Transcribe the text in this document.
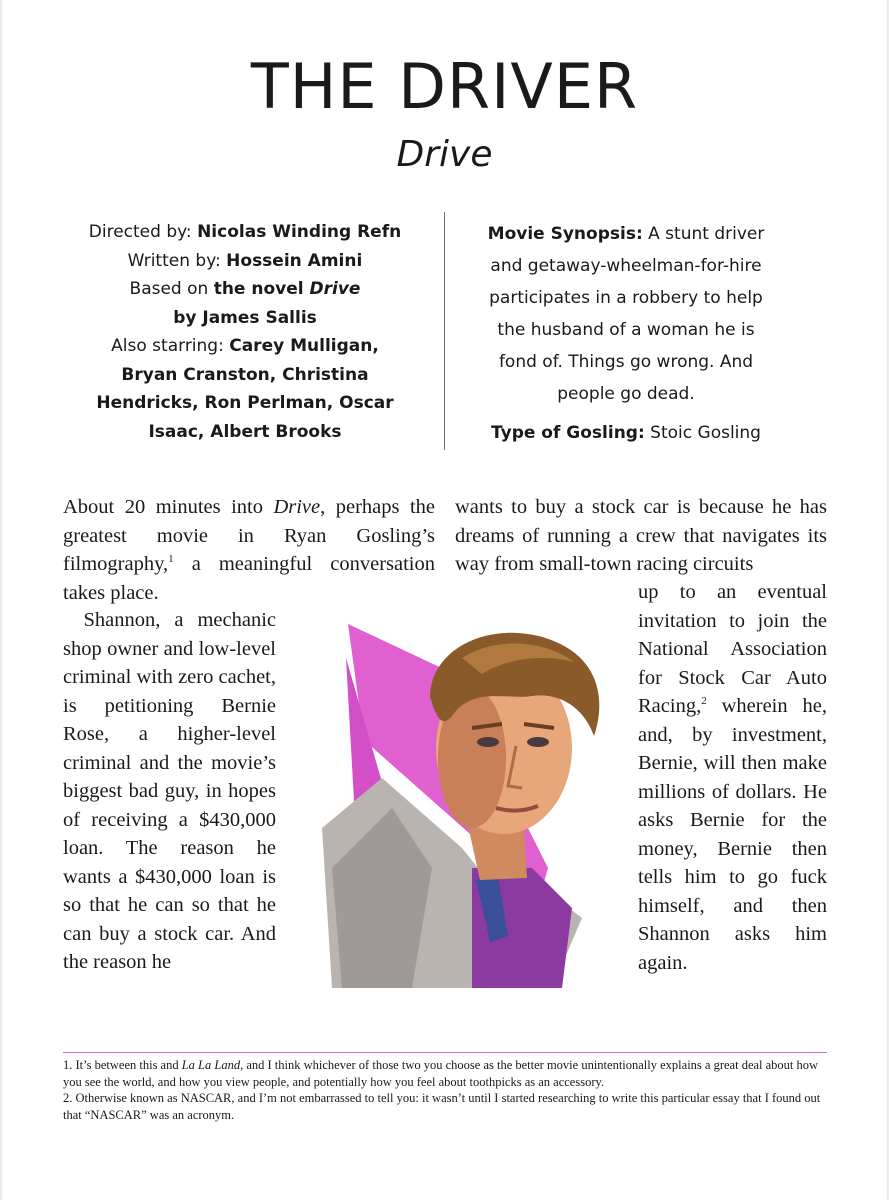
THE DRIVER
Drive
Directed by: Nicolas Winding Refn
Written by: Hossein Amini
Based on the novel Drive
by James Sallis
Also starring: Carey Mulligan,
Bryan Cranston, Christina
Hendricks, Ron Perlman, Oscar
Isaac, Albert Brooks
Movie Synopsis: A stunt driver and getaway-wheelman-for-hire participates in a robbery to help the husband of a woman he is fond of. Things go wrong. And people go dead.
Type of Gosling: Stoic Gosling
About 20 minutes into Drive, perhaps the greatest movie in Ryan Gosling’s filmography,$^1$ a meaningful conversation takes place.
wants to buy a stock car is because he has dreams of running a crew that navigates its way from small-town racing circuits
 Shannon, a mechanic shop owner and low-level criminal with zero cachet, is petitioning Bernie Rose, a higher-level criminal and the movie’s biggest bad guy, in hopes of receiving a $430,000 loan. The reason he wants a $430,000 loan is so that he can so that he can buy a stock car. And the reason he
up to an eventual invitation to join the National Association for Stock Car Auto Racing,$^2$ wherein he, and, by investment, Bernie, will then make millions of dollars. He asks Bernie for the money, Bernie then tells him to go fuck himself, and then Shannon asks him again.

1. It’s between this and La La Land, and I think whichever of those two you choose as the better movie unintentionally explains a great deal about how you see the world, and how you view people, and potentially how you feel about toothpicks as an accessory.

2. Otherwise known as NASCAR, and I’m not embarrassed to tell you: it wasn’t until I started researching to write this particular essay that I found out that “NASCAR” was an acronym.
